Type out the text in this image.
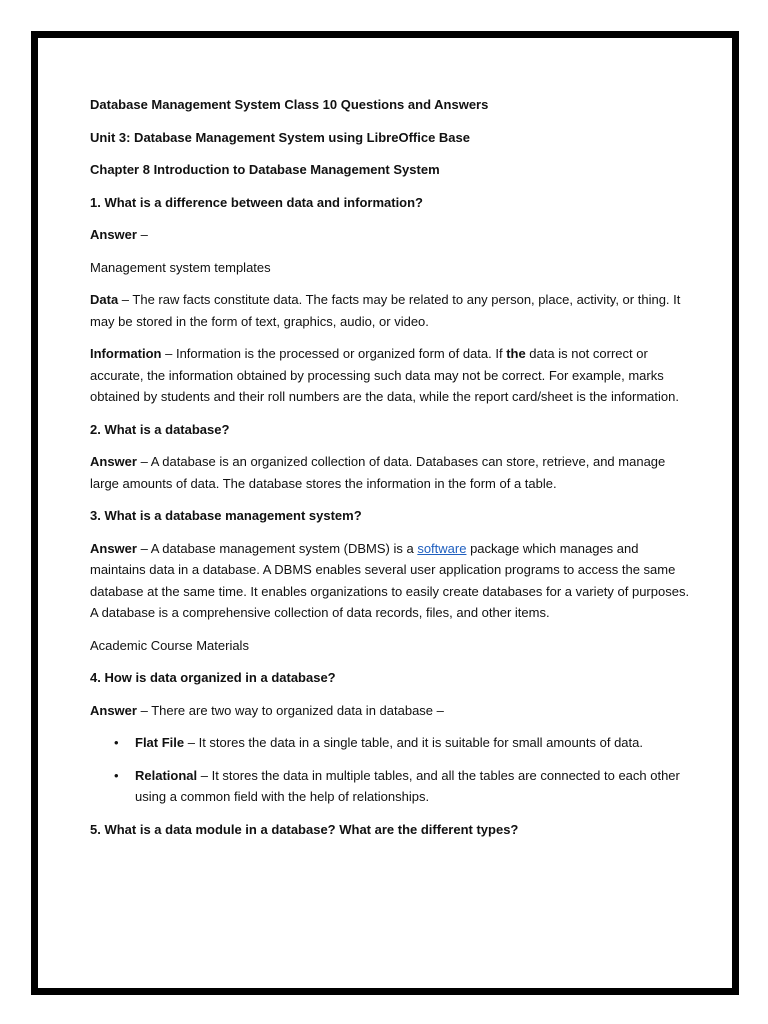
Database Management System Class 10 Questions and Answers

Unit 3: Database Management System using LibreOffice Base

Chapter 8 Introduction to Database Management System

1. What is a difference between data and information?

Answer –

Management system templates

Data – The raw facts constitute data. The facts may be related to any person, place, activity, or thing. It may be stored in the form of text, graphics, audio, or video.

Information – Information is the processed or organized form of data. If the data is not correct or accurate, the information obtained by processing such data may not be correct. For example, marks obtained by students and their roll numbers are the data, while the report card/sheet is the information.

2. What is a database?

Answer – A database is an organized collection of data. Databases can store, retrieve, and manage large amounts of data. The database stores the information in the form of a table.

3. What is a database management system?

Answer – A database management system (DBMS) is a software package which manages and maintains data in a database. A DBMS enables several user application programs to access the same database at the same time. It enables organizations to easily create databases for a variety of purposes. A database is a comprehensive collection of data records, files, and other items.

Academic Course Materials

4. How is data organized in a database?

Answer – There are two way to organized data in database –

• Flat File – It stores the data in a single table, and it is suitable for small amounts of data.
• Relational – It stores the data in multiple tables, and all the tables are connected to each other using a common field with the help of relationships.

5. What is a data module in a database? What are the different types?
